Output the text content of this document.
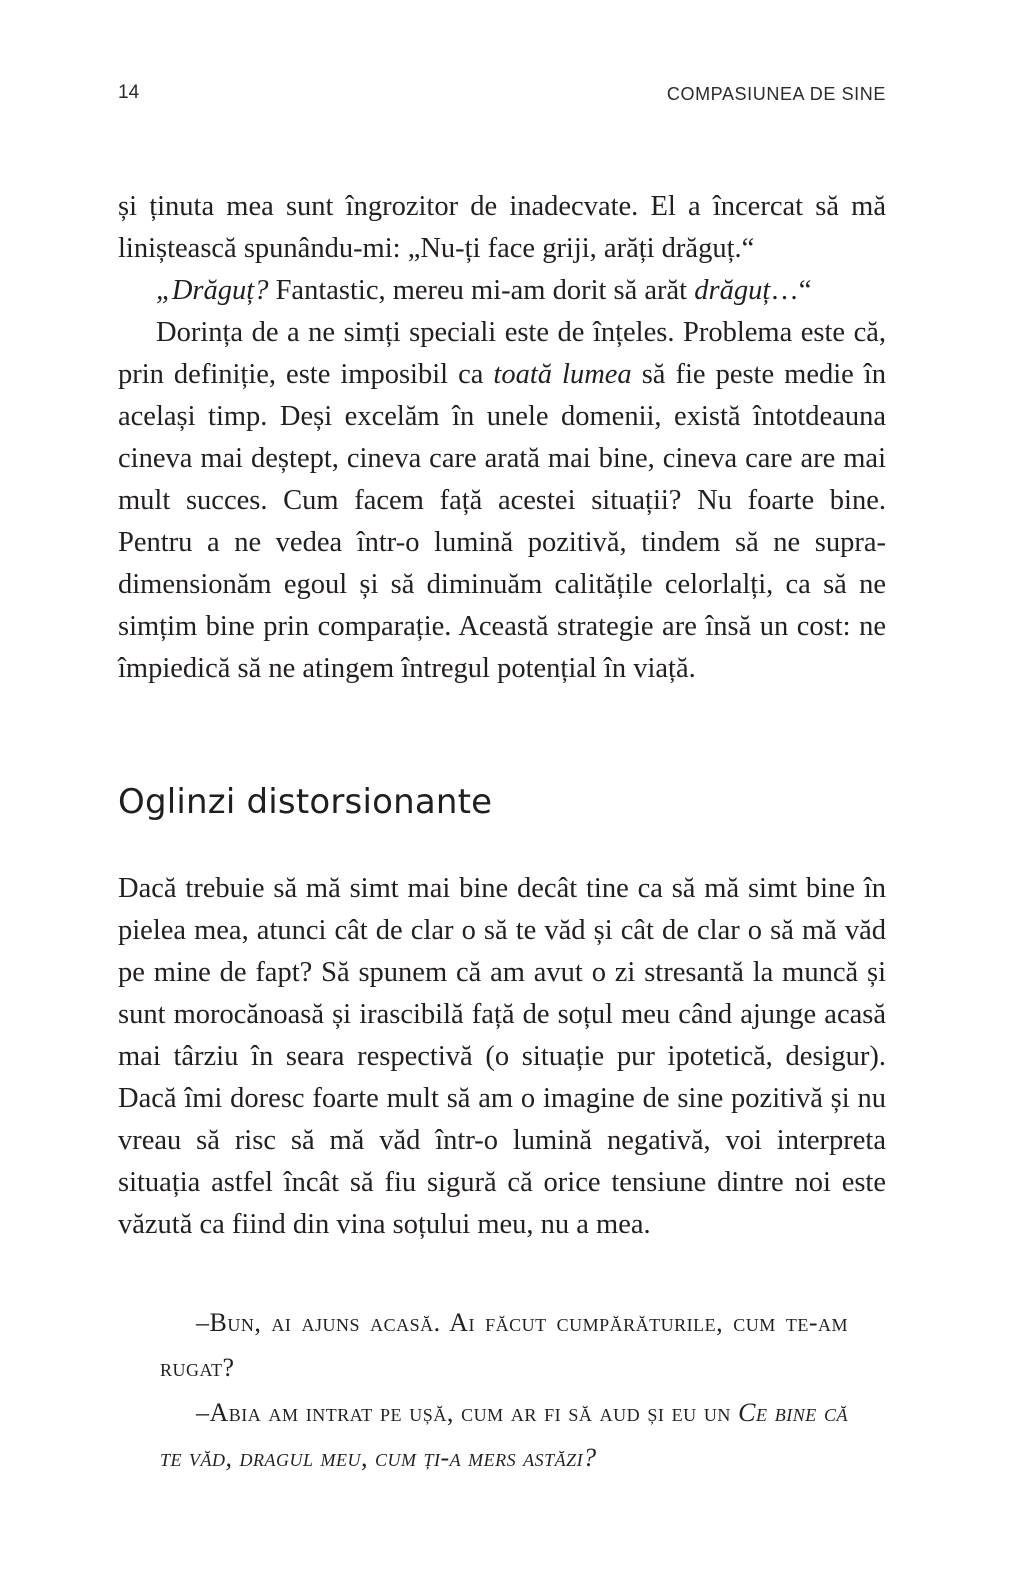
14	COMPASIUNEA DE SINE

și ținuta mea sunt îngrozitor de inadecvate. El a încercat să mă liniștească spunându-mi: „Nu-ți face griji, arăți drăguț.“

„Drăguț? Fantastic, mereu mi-am dorit să arăt drăguț…“

Dorința de a ne simți speciali este de înțeles. Problema este că, prin definiție, este imposibil ca toată lumea să fie peste medie în același timp. Deși excelăm în unele domenii, există întotdeauna cineva mai deștept, cineva care arată mai bine, cineva care are mai mult succes. Cum facem față acestei situații? Nu foarte bine. Pentru a ne vedea într-o lumină pozitivă, tindem să ne supra-dimensionăm egoul și să diminuăm calitățile celorlalți, ca să ne simțim bine prin comparație. Această strategie are însă un cost: ne împiedică să ne atingem întregul potențial în viață.

Oglinzi distorsionante

Dacă trebuie să mă simt mai bine decât tine ca să mă simt bine în pielea mea, atunci cât de clar o să te văd și cât de clar o să mă văd pe mine de fapt? Să spunem că am avut o zi stresantă la muncă și sunt morocănoasă și irascibilă față de soțul meu când ajunge acasă mai târziu în seara respectivă (o situație pur ipotetică, desigur). Dacă îmi doresc foarte mult să am o imagine de sine pozitivă și nu vreau să risc să mă văd într-o lumină negativă, voi interpreta situația astfel încât să fiu sigură că orice tensiune dintre noi este văzută ca fiind din vina soțului meu, nu a mea.

–Bun, ai ajuns acasă. Ai făcut cumpărăturile, cum te-am rugat?

–Abia am intrat pe ușă, cum ar fi să aud și eu un Ce bine că te văd, dragul meu, cum ți-a mers astăzi?
